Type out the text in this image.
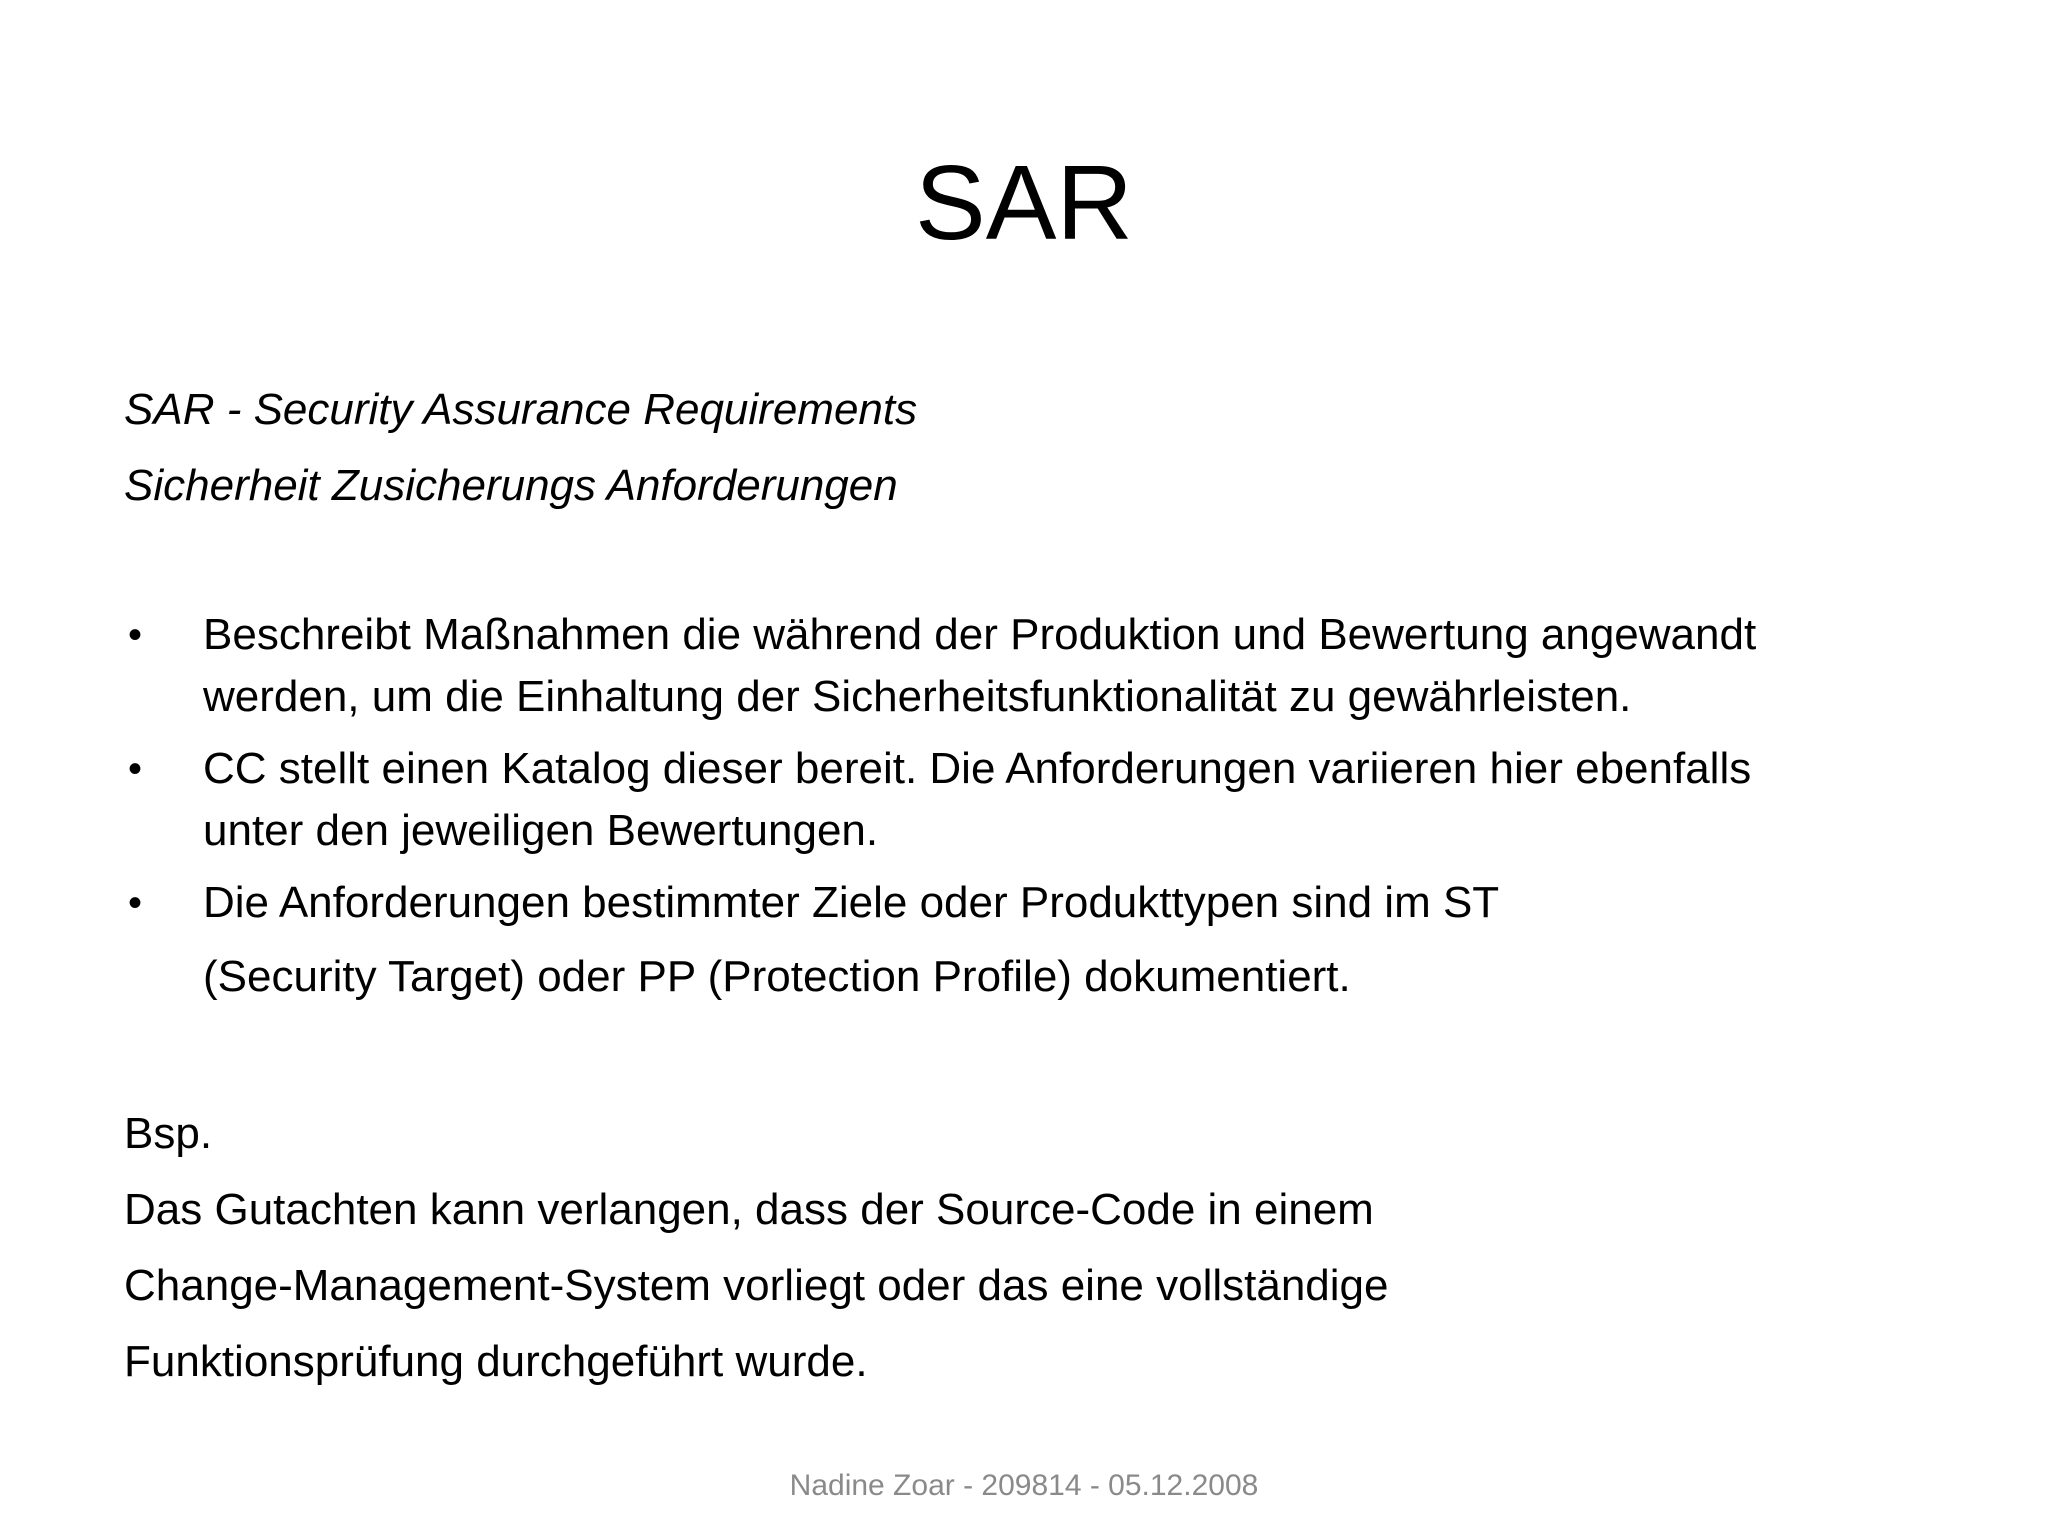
SAR
SAR - Security Assurance Requirements
Sicherheit Zusicherungs Anforderungen
• Beschreibt Maßnahmen die während der Produktion und Bewertung angewandt
werden, um die Einhaltung der Sicherheitsfunktionalität zu gewährleisten.
• CC stellt einen Katalog dieser bereit. Die Anforderungen variieren hier ebenfalls
unter den jeweiligen Bewertungen.
• Die Anforderungen bestimmter Ziele oder Produkttypen sind im ST
(Security Target) oder PP (Protection Profile) dokumentiert.
Bsp.
Das Gutachten kann verlangen, dass der Source-Code in einem
Change-Management-System vorliegt oder das eine vollständige
Funktionsprüfung durchgeführt wurde.
Nadine Zoar - 209814 - 05.12.2008
